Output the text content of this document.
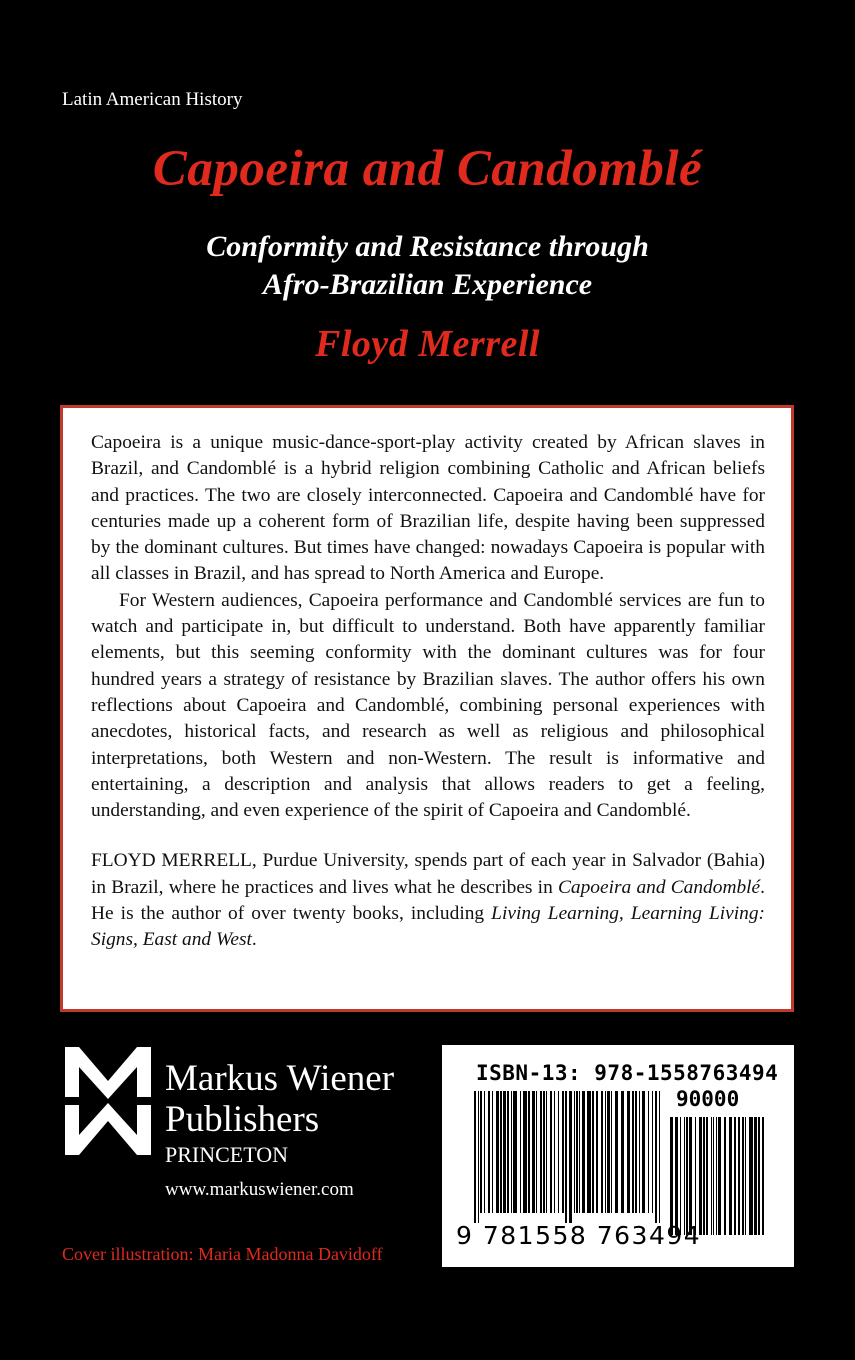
Latin American History
Capoeira and Candomblé
Conformity and Resistance through
Afro-Brazilian Experience
Floyd Merrell

Capoeira is a unique music-dance-sport-play activity created by African slaves in Brazil, and Candomblé is a hybrid religion combining Catholic and African beliefs and practices. The two are closely interconnected. Capoeira and Candomblé have for centuries made up a coherent form of Brazilian life, despite having been suppressed by the dominant cultures. But times have changed: nowadays Capoeira is popular with all classes in Brazil, and has spread to North America and Europe.

For Western audiences, Capoeira performance and Candomblé services are fun to watch and participate in, but difficult to understand. Both have apparently familiar elements, but this seeming conformity with the dominant cultures was for four hundred years a strategy of resistance by Brazilian slaves. The author offers his own reflections about Capoeira and Candomblé, combining personal experiences with anecdotes, historical facts, and research as well as religious and philosophical interpretations, both Western and non-Western. The result is informative and entertaining, a description and analysis that allows readers to get a feeling, understanding, and even experience of the spirit of Capoeira and Candomblé.

FLOYD MERRELL, Purdue University, spends part of each year in Salvador (Bahia) in Brazil, where he practices and lives what he describes in Capoeira and Candomblé. He is the author of over twenty books, including Living Learning, Learning Living: Signs, East and West.

Markus Wiener
Publishers
PRINCETON
www.markuswiener.com
Cover illustration: Maria Madonna Davidoff
ISBN-13: 978-1558763494
90000
9 781558 763494
